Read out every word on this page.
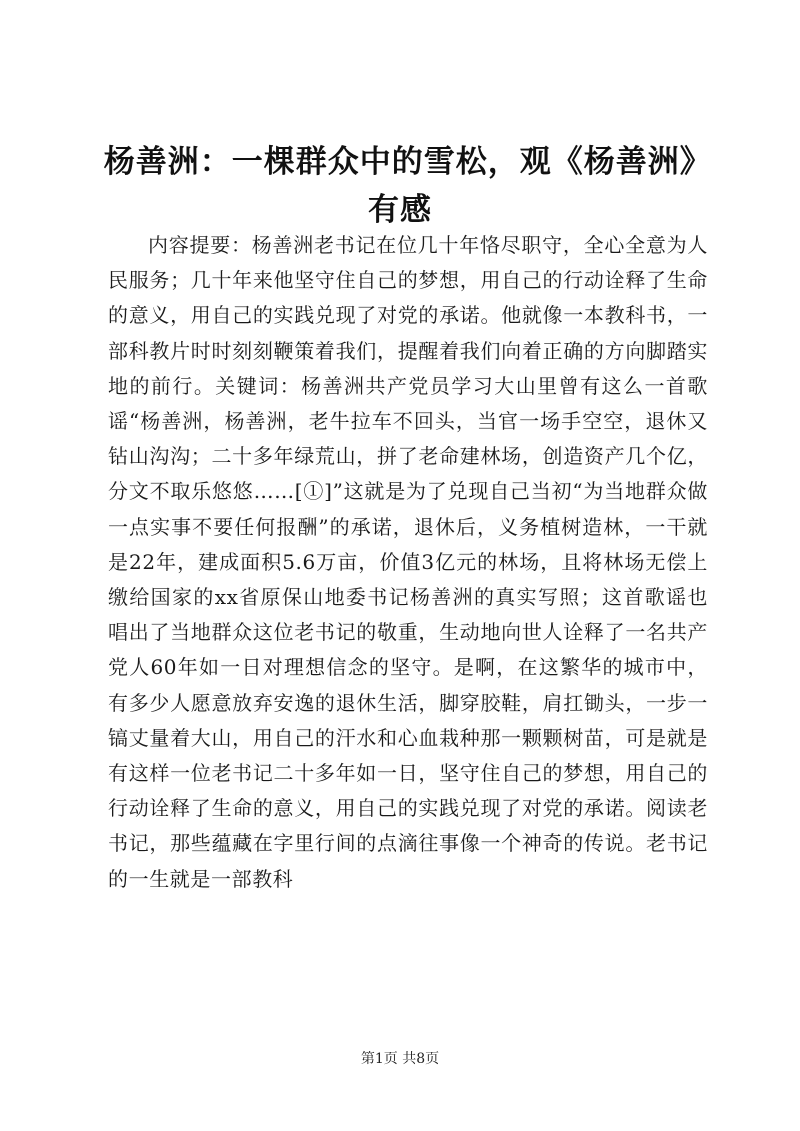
杨善洲：一棵群众中的雪松，观《杨善洲》有感

内容提要：杨善洲老书记在位几十年恪尽职守，全心全意为人民服务；几十年来他坚守住自己的梦想，用自己的行动诠释了生命的意义，用自己的实践兑现了对党的承诺。他就像一本教科书，一部科教片时时刻刻鞭策着我们，提醒着我们向着正确的方向脚踏实地的前行。关键词：杨善洲共产党员学习大山里曾有这么一首歌谣“杨善洲，杨善洲，老牛拉车不回头，当官一场手空空，退休又钻山沟沟；二十多年绿荒山，拼了老命建林场，创造资产几个亿，分文不取乐悠悠……[①]”这就是为了兑现自己当初“为当地群众做一点实事不要任何报酬”的承诺，退休后，义务植树造林，一干就是22年，建成面积5.6万亩，价值3亿元的林场，且将林场无偿上缴给国家的xx省原保山地委书记杨善洲的真实写照；这首歌谣也唱出了当地群众这位老书记的敬重，生动地向世人诠释了一名共产党人60年如一日对理想信念的坚守。是啊，在这繁华的城市中，有多少人愿意放弃安逸的退休生活，脚穿胶鞋，肩扛锄头，一步一镐丈量着大山，用自己的汗水和心血栽种那一颗颗树苗，可是就是有这样一位老书记二十多年如一日，坚守住自己的梦想，用自己的行动诠释了生命的意义，用自己的实践兑现了对党的承诺。阅读老书记，那些蕴藏在字里行间的点滴往事像一个神奇的传说。老书记的一生就是一部教科

第1页 共8页
